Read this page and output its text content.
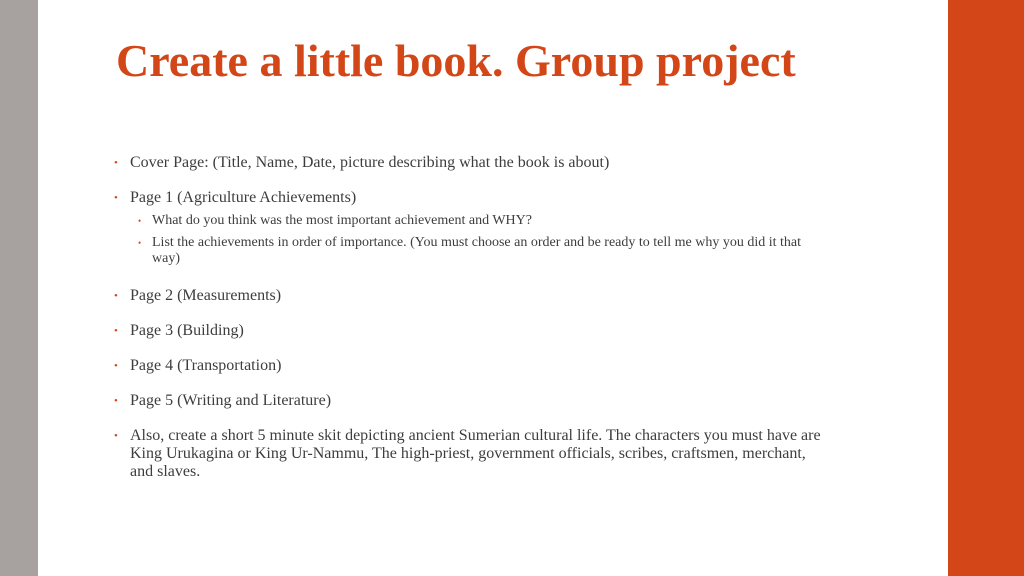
Create a little book. Group project
• Cover Page: (Title, Name, Date, picture describing what the book is about)
• Page 1 (Agriculture Achievements)
• What do you think was the most important achievement and WHY?
• List the achievements in order of importance. (You must choose an order and be ready to tell me why you did it that way)
• Page 2 (Measurements)
• Page 3 (Building)
• Page 4 (Transportation)
• Page 5 (Writing and Literature)
• Also, create a short 5 minute skit depicting ancient Sumerian cultural life. The characters you must have are King Urukagina or King Ur-Nammu, The high-priest, government officials, scribes, craftsmen, merchant, and slaves.
